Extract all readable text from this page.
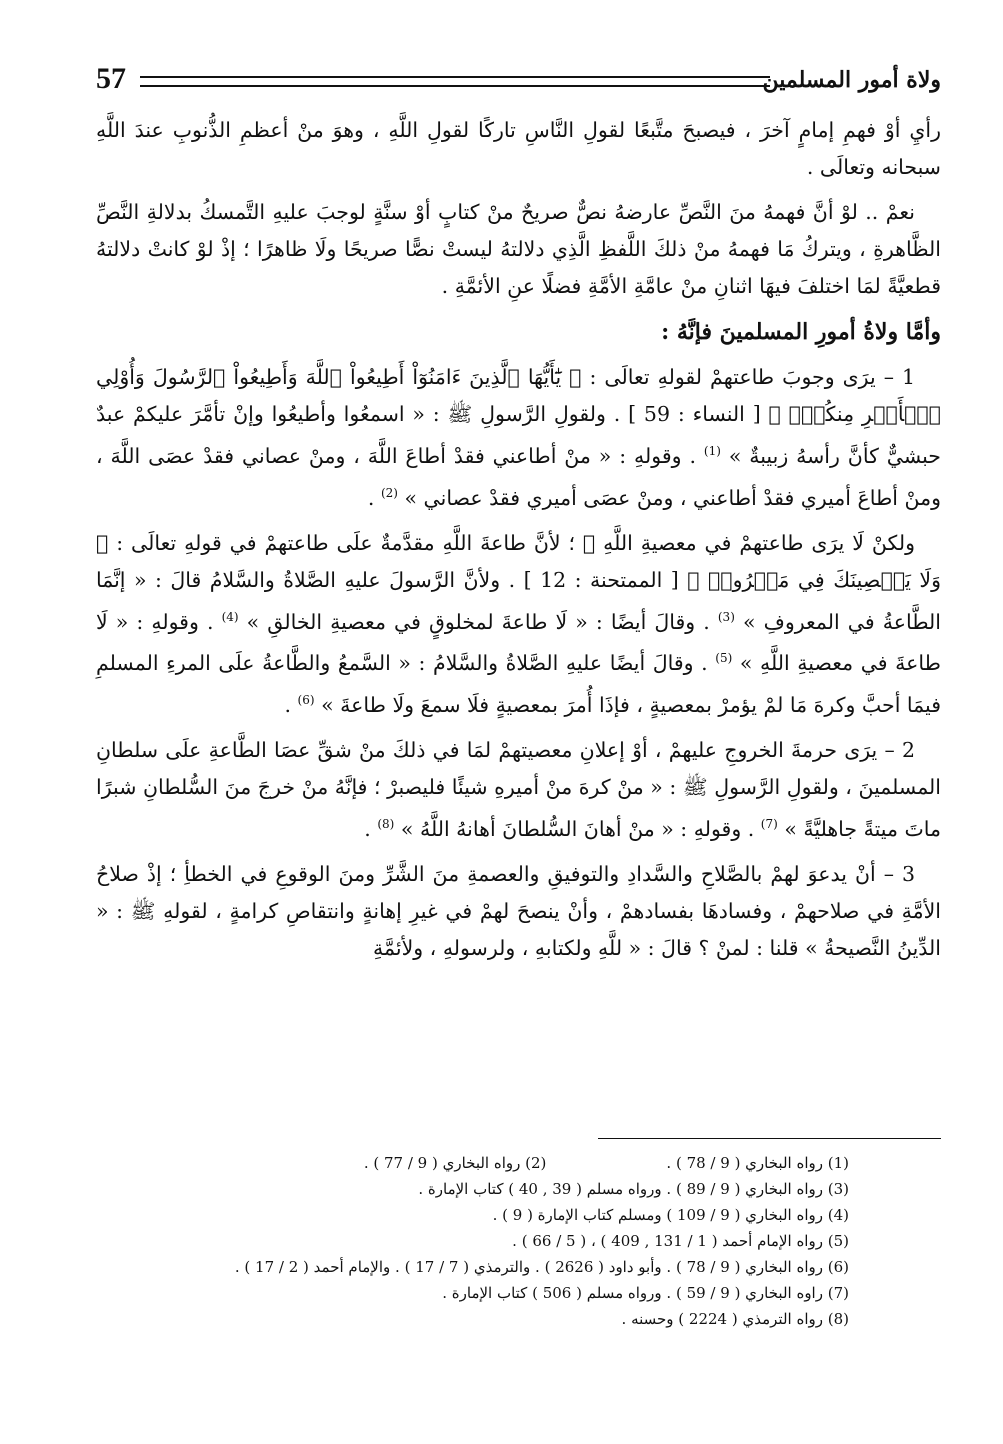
57	ولاة أمور المسلمين

رأيِ أوْ فهمِ إمامٍ آخرَ ، فيصبحَ متَّبعًا لقولِ النَّاسِ تاركًا لقولِ اللَّهِ ، وهوَ منْ أعظمِ الذُّنوبِ عندَ اللَّهِ سبحانه وتعالَى .

نعمْ .. لوْ أنَّ فهمهُ منَ النَّصِّ عارضهُ نصٌّ صريحٌ منْ كتابٍ أوْ سنَّةٍ لوجبَ عليهِ التَّمسكُ بدلالةِ النَّصِّ الظَّاهرةِ ، ويتركُ مَا فهمهُ منْ ذلكَ اللَّفظِ الَّذِي دلالتهُ ليستْ نصًّا صريحًا ولَا ظاهرًا ؛ إذْ لوْ كانتْ دلالتهُ قطعيَّةً لمَا اختلفَ فيهَا اثنانِ منْ عامَّةِ الأمَّةِ فضلًا عنِ الأئمَّةِ .

وأمَّا ولاةُ أمورِ المسلمينَ فإنَّهُ :

1 – يرَى وجوبَ طاعتهمْ لقولهِ تعالَى : ﴿ يَٰٓأَيُّهَا ٱلَّذِينَ ءَامَنُوٓاْ أَطِيعُواْ ٱللَّهَ وَأَطِيعُواْ ٱلرَّسُولَ وَأُوْلِي ٱلۡأَمۡرِ مِنكُمۡۖ ﴾ [ النساء : 59 ] . ولقولِ الرَّسولِ ﷺ : « اسمعُوا وأطيعُوا وإنْ تأمَّرَ عليكمْ عبدٌ حبشيٌّ كأنَّ رأسهُ زبيبةٌ » $^{(1)}$ . وقولهِ : « منْ أطاعني فقدْ أطاعَ اللَّهَ ، ومنْ عصاني فقدْ عصَى اللَّهَ ، ومنْ أطاعَ أميري فقدْ أطاعني ، ومنْ عصَى أميري فقدْ عصاني » $^{(2)}$ .

ولكنْ لَا يرَى طاعتهمْ في معصيةِ اللَّهِ ﷻ ؛ لأنَّ طاعةَ اللَّهِ مقدَّمةٌ علَى طاعتهمْ في قولهِ تعالَى : ﴿ وَلَا يَعۡصِينَكَ فِي مَعۡرُوفٖ ﴾ [ الممتحنة : 12 ] . ولأنَّ الرَّسولَ عليهِ الصَّلاةُ والسَّلامُ قالَ : « إنَّمَا الطَّاعةُ في المعروفِ » $^{(3)}$ . وقالَ أيضًا : « لَا طاعةَ لمخلوقٍ في معصيةِ الخالقِ » $^{(4)}$ . وقولهِ : « لَا طاعةَ في معصيةِ اللَّهِ » $^{(5)}$ . وقالَ أيضًا عليهِ الصَّلاةُ والسَّلامُ : « السَّمعُ والطَّاعةُ علَى المرءِ المسلمِ فيمَا أحبَّ وكرهَ مَا لمْ يؤمرْ بمعصيةٍ ، فإذَا أُمرَ بمعصيةٍ فلَا سمعَ ولَا طاعةَ » $^{(6)}$ .

2 – يرَى حرمةَ الخروجِ عليهمْ ، أوْ إعلانِ معصيتهمْ لمَا في ذلكَ منْ شقِّ عصَا الطَّاعةِ علَى سلطانِ المسلمينَ ، ولقولِ الرَّسولِ ﷺ : « منْ كرهَ منْ أميرهِ شيئًا فليصبرْ ؛ فإنَّهُ منْ خرجَ منَ السُّلطانِ شبرًا ماتَ ميتةً جاهليَّةً » $^{(7)}$ . وقولهِ : « منْ أهانَ السُّلطانَ أهانهُ اللَّهُ » $^{(8)}$ .

3 – أنْ يدعوَ لهمْ بالصَّلاحِ والسَّدادِ والتوفيقِ والعصمةِ منَ الشَّرِّ ومنَ الوقوعِ في الخطأِ ؛ إذْ صلاحُ الأمَّةِ في صلاحهمْ ، وفسادهَا بفسادهمْ ، وأنْ ينصحَ لهمْ في غيرِ إهانةٍ وانتقاصِ كرامةٍ ، لقولهِ ﷺ : « الدِّينُ النَّصيحةُ » قلنا : لمنْ ؟ قالَ : « للَّهِ ولكتابهِ ، ولرسولهِ ، ولأئمَّةِ

(1) رواه البخاري ( 9 / 78 ) .
(2) رواه البخاري ( 9 / 77 ) .
(3) رواه البخاري ( 9 / 89 ) . ورواه مسلم ( 39 , 40 ) كتاب الإمارة .
(4) رواه البخاري ( 9 / 109 ) ومسلم كتاب الإمارة ( 9 ) .
(5) رواه الإمام أحمد ( 1 / 131 , 409 ) ، ( 5 / 66 ) .
(6) رواه البخاري ( 9 / 78 ) . وأبو داود ( 2626 ) . والترمذي ( 7 / 17 ) . والإمام أحمد ( 2 / 17 ) .
(7) راوه البخاري ( 9 / 59 ) . ورواه مسلم ( 506 ) كتاب الإمارة .
(8) رواه الترمذي ( 2224 ) وحسنه .
